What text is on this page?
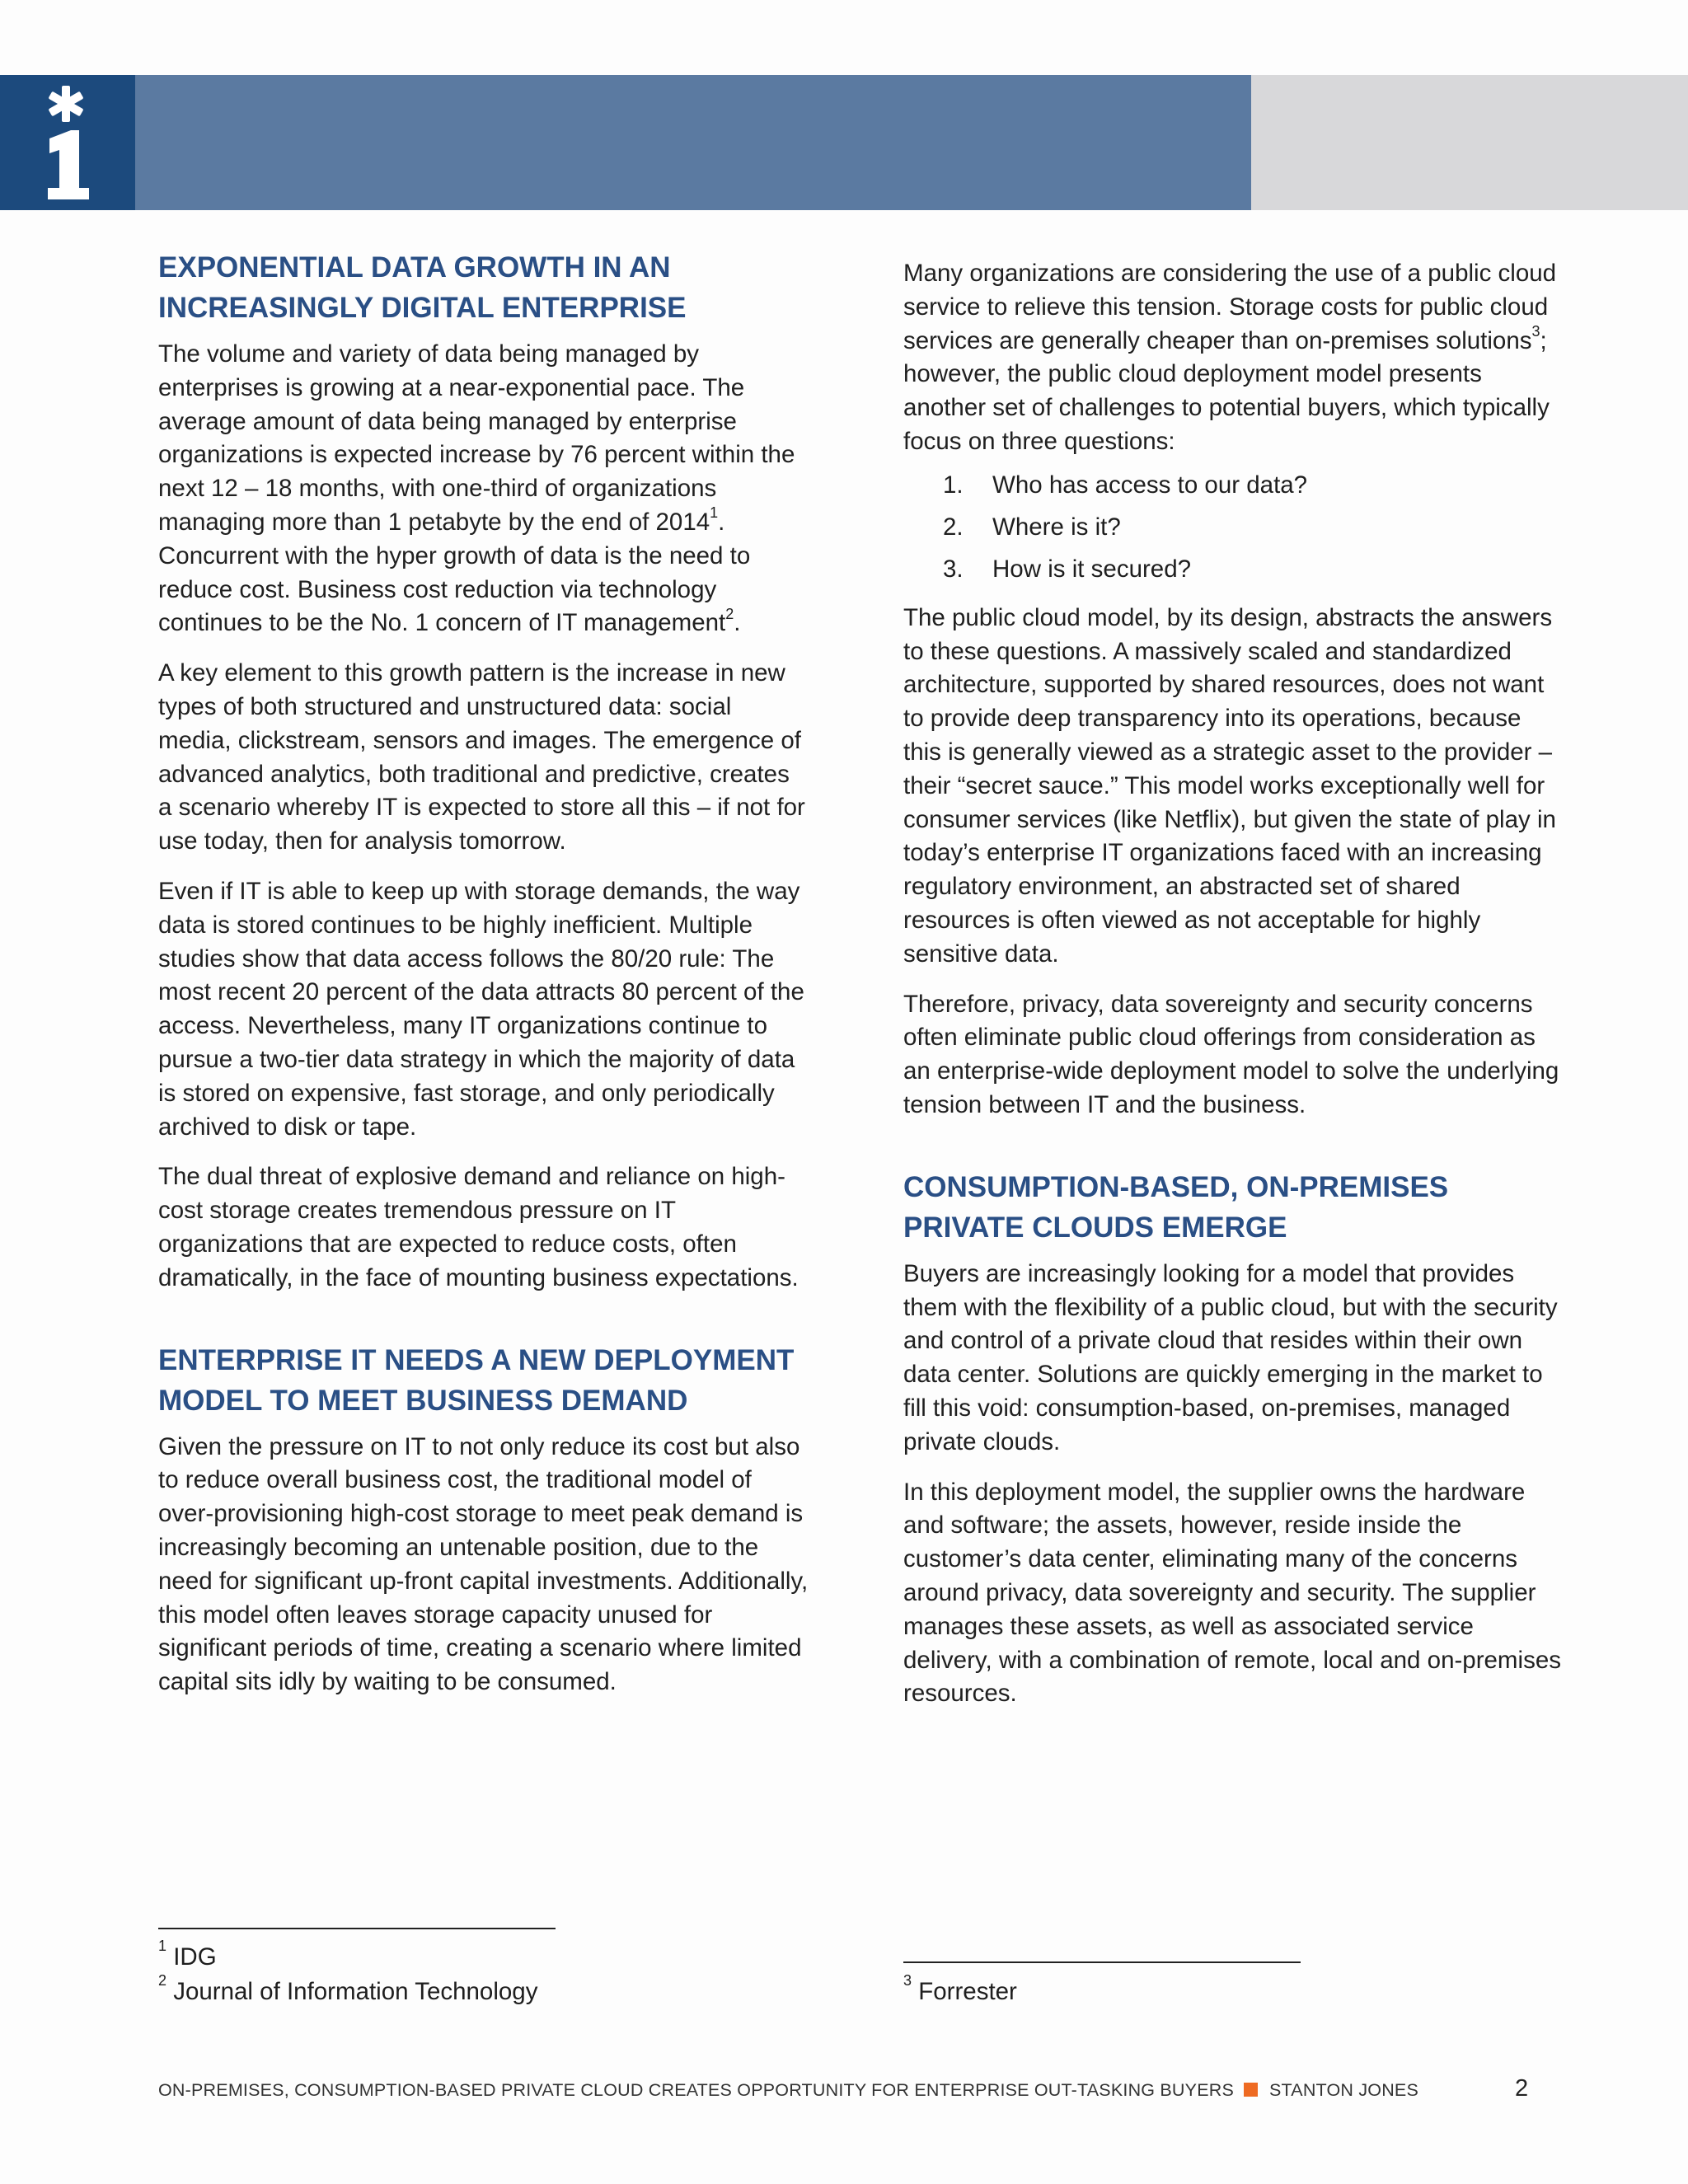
EXPONENTIAL DATA GROWTH IN AN
INCREASINGLY DIGITAL ENTERPRISE

The volume and variety of data being managed by enterprises is growing at a near-exponential pace. The average amount of data being managed by enterprise organizations is expected increase by 76 percent within the next 12 – 18 months, with one-third of organizations managing more than 1 petabyte by the end of 2014$^1$. Concurrent with the hyper growth of data is the need to reduce cost. Business cost reduction via technology continues to be the No. 1 concern of IT management$^2$.

A key element to this growth pattern is the increase in new types of both structured and unstructured data: social media, clickstream, sensors and images. The emergence of advanced analytics, both traditional and predictive, creates a scenario whereby IT is expected to store all this – if not for use today, then for analysis tomorrow.

Even if IT is able to keep up with storage demands, the way data is stored continues to be highly inefficient. Multiple studies show that data access follows the 80/20 rule: The most recent 20 percent of the data attracts 80 percent of the access. Nevertheless, many IT organizations continue to pursue a two-tier data strategy in which the majority of data is stored on expensive, fast storage, and only periodically archived to disk or tape.

The dual threat of explosive demand and reliance on high-cost storage creates tremendous pressure on IT organizations that are expected to reduce costs, often dramatically, in the face of mounting business expectations.

ENTERPRISE IT NEEDS A NEW DEPLOYMENT
MODEL TO MEET BUSINESS DEMAND

Given the pressure on IT to not only reduce its cost but also to reduce overall business cost, the traditional model of over-provisioning high-cost storage to meet peak demand is increasingly becoming an untenable position, due to the need for significant up-front capital investments. Additionally, this model often leaves storage capacity unused for significant periods of time, creating a scenario where limited capital sits idly by waiting to be consumed.

Many organizations are considering the use of a public cloud service to relieve this tension. Storage costs for public cloud services are generally cheaper than on-premises solutions$^3$; however, the public cloud deployment model presents another set of challenges to potential buyers, which typically focus on three questions:

1.	Who has access to our data?
2.	Where is it?
3.	How is it secured?

The public cloud model, by its design, abstracts the answers to these questions. A massively scaled and standardized architecture, supported by shared resources, does not want to provide deep transparency into its operations, because this is generally viewed as a strategic asset to the provider – their “secret sauce.” This model works exceptionally well for consumer services (like Netflix), but given the state of play in today’s enterprise IT organizations faced with an increasing regulatory environment, an abstracted set of shared resources is often viewed as not acceptable for highly sensitive data.

Therefore, privacy, data sovereignty and security concerns often eliminate public cloud offerings from consideration as an enterprise-wide deployment model to solve the underlying tension between IT and the business.

CONSUMPTION-BASED, ON-PREMISES
PRIVATE CLOUDS EMERGE

Buyers are increasingly looking for a model that provides them with the flexibility of a public cloud, but with the security and control of a private cloud that resides within their own data center. Solutions are quickly emerging in the market to fill this void: consumption-based, on-premises, managed private clouds.

In this deployment model, the supplier owns the hardware and software; the assets, however, reside inside the customer’s data center, eliminating many of the concerns around privacy, data sovereignty and security. The supplier manages these assets, as well as associated service delivery, with a combination of remote, local and on-premises resources.

$^1$ IDG
$^2$ Journal of Information Technology	$^3$ Forrester
ON-PREMISES, CONSUMPTION-BASED PRIVATE CLOUD CREATES OPPORTUNITY FOR ENTERPRISE OUT-TASKING BUYERS STANTON JONES	2
